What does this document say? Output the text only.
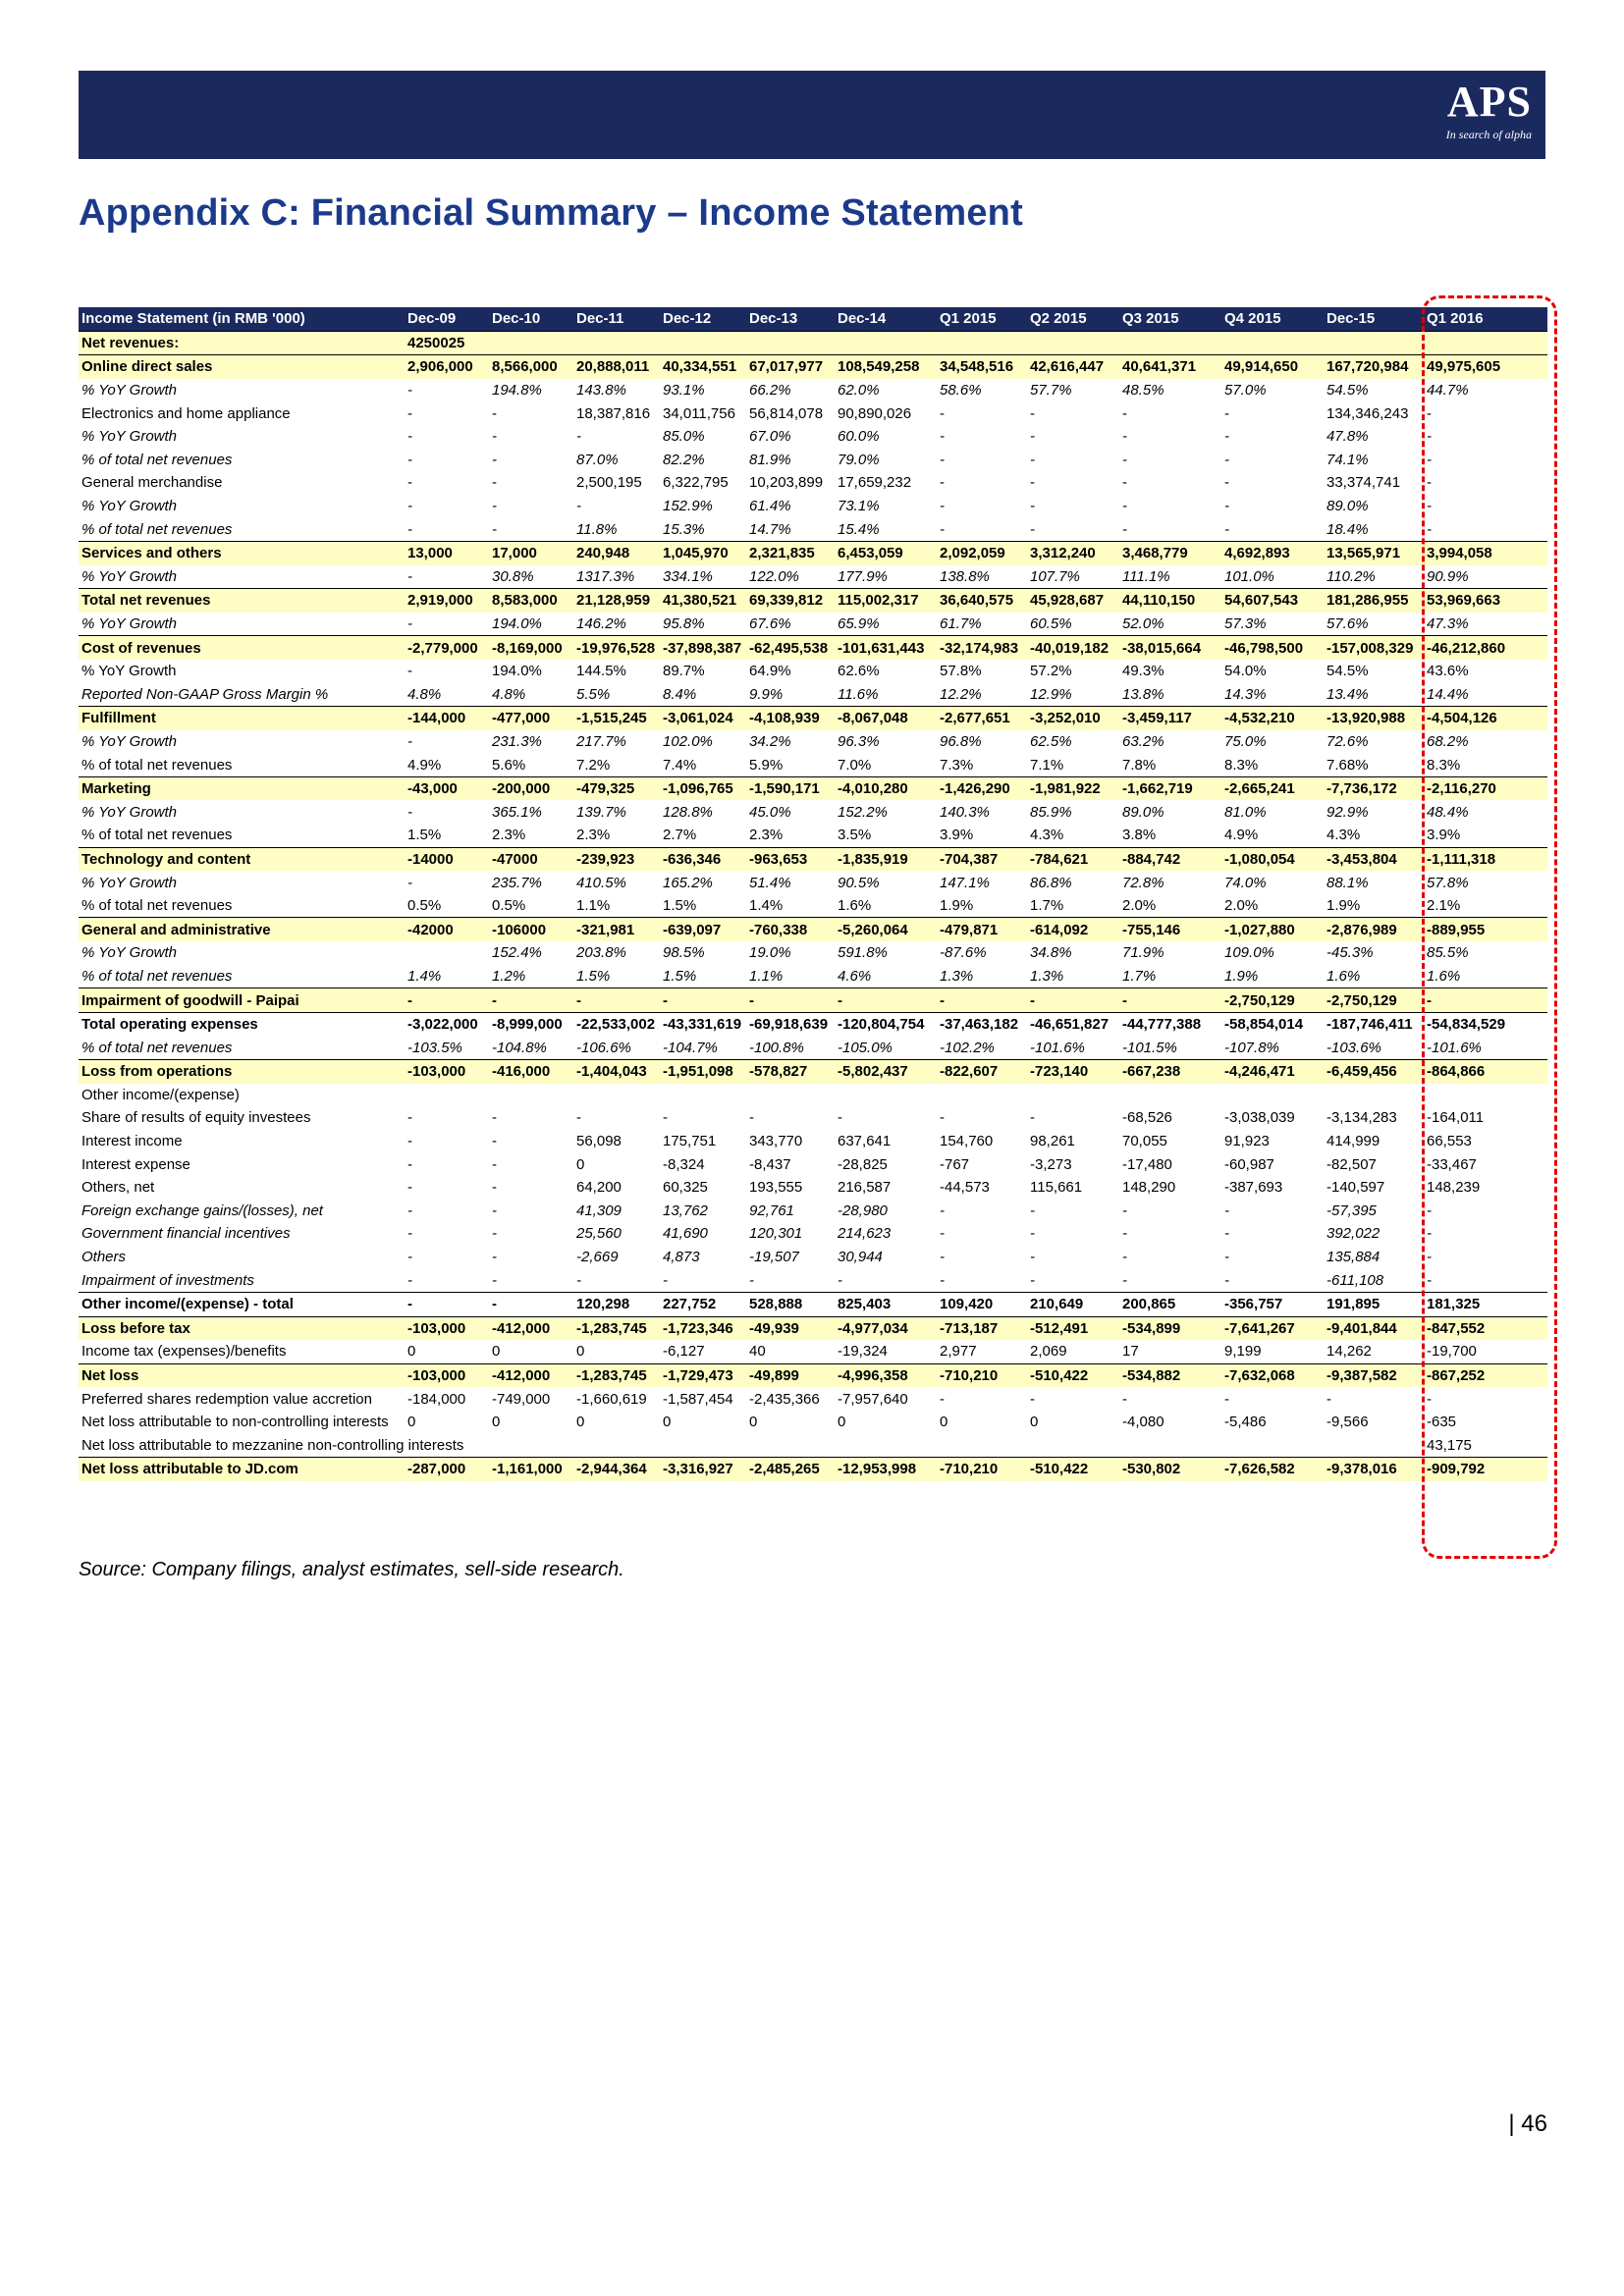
APS
In search of alpha
Appendix C: Financial Summary – Income Statement
Income Statement (in RMB '000)	Dec-09	Dec-10	Dec-11	Dec-12	Dec-13	Dec-14	Q1 2015	Q2 2015	Q3 2015	Q4 2015	Dec-15	Q1 2016
Net revenues:	4250025											
Online direct sales	2,906,000	8,566,000	20,888,011	40,334,551	67,017,977	108,549,258	34,548,516	42,616,447	40,641,371	49,914,650	167,720,984	49,975,605
% YoY Growth	-	194.8%	143.8%	93.1%	66.2%	62.0%	58.6%	57.7%	48.5%	57.0%	54.5%	44.7%
Electronics and home appliance	-	-	18,387,816	34,011,756	56,814,078	90,890,026	-	-	-	-	134,346,243	-
% YoY Growth	-	-	-	85.0%	67.0%	60.0%	-	-	-	-	47.8%	-
% of total net revenues	-	-	87.0%	82.2%	81.9%	79.0%	-	-	-	-	74.1%	-
General merchandise	-	-	2,500,195	6,322,795	10,203,899	17,659,232	-	-	-	-	33,374,741	-
% YoY Growth	-	-	-	152.9%	61.4%	73.1%	-	-	-	-	89.0%	-
% of total net revenues	-	-	11.8%	15.3%	14.7%	15.4%	-	-	-	-	18.4%	-
Services and others	13,000	17,000	240,948	1,045,970	2,321,835	6,453,059	2,092,059	3,312,240	3,468,779	4,692,893	13,565,971	3,994,058
% YoY Growth	-	30.8%	1317.3%	334.1%	122.0%	177.9%	138.8%	107.7%	111.1%	101.0%	110.2%	90.9%
Total net revenues	2,919,000	8,583,000	21,128,959	41,380,521	69,339,812	115,002,317	36,640,575	45,928,687	44,110,150	54,607,543	181,286,955	53,969,663
% YoY Growth	-	194.0%	146.2%	95.8%	67.6%	65.9%	61.7%	60.5%	52.0%	57.3%	57.6%	47.3%
Cost of revenues	-2,779,000	-8,169,000	-19,976,528	-37,898,387	-62,495,538	-101,631,443	-32,174,983	-40,019,182	-38,015,664	-46,798,500	-157,008,329	-46,212,860
% YoY Growth	-	194.0%	144.5%	89.7%	64.9%	62.6%	57.8%	57.2%	49.3%	54.0%	54.5%	43.6%
Reported Non-GAAP Gross Margin %	4.8%	4.8%	5.5%	8.4%	9.9%	11.6%	12.2%	12.9%	13.8%	14.3%	13.4%	14.4%
Fulfillment	-144,000	-477,000	-1,515,245	-3,061,024	-4,108,939	-8,067,048	-2,677,651	-3,252,010	-3,459,117	-4,532,210	-13,920,988	-4,504,126
% YoY Growth	-	231.3%	217.7%	102.0%	34.2%	96.3%	96.8%	62.5%	63.2%	75.0%	72.6%	68.2%
% of total net revenues	4.9%	5.6%	7.2%	7.4%	5.9%	7.0%	7.3%	7.1%	7.8%	8.3%	7.68%	8.3%
Marketing	-43,000	-200,000	-479,325	-1,096,765	-1,590,171	-4,010,280	-1,426,290	-1,981,922	-1,662,719	-2,665,241	-7,736,172	-2,116,270
% YoY Growth	-	365.1%	139.7%	128.8%	45.0%	152.2%	140.3%	85.9%	89.0%	81.0%	92.9%	48.4%
% of total net revenues	1.5%	2.3%	2.3%	2.7%	2.3%	3.5%	3.9%	4.3%	3.8%	4.9%	4.3%	3.9%
Technology and content	-14000	-47000	-239,923	-636,346	-963,653	-1,835,919	-704,387	-784,621	-884,742	-1,080,054	-3,453,804	-1,111,318
% YoY Growth	-	235.7%	410.5%	165.2%	51.4%	90.5%	147.1%	86.8%	72.8%	74.0%	88.1%	57.8%
% of total net revenues	0.5%	0.5%	1.1%	1.5%	1.4%	1.6%	1.9%	1.7%	2.0%	2.0%	1.9%	2.1%
General and administrative	-42000	-106000	-321,981	-639,097	-760,338	-5,260,064	-479,871	-614,092	-755,146	-1,027,880	-2,876,989	-889,955
% YoY Growth		152.4%	203.8%	98.5%	19.0%	591.8%	-87.6%	34.8%	71.9%	109.0%	-45.3%	85.5%
% of total net revenues	1.4%	1.2%	1.5%	1.5%	1.1%	4.6%	1.3%	1.3%	1.7%	1.9%	1.6%	1.6%
Impairment of goodwill - Paipai	-	-	-	-	-	-	-	-	-	-2,750,129	-2,750,129	-
Total operating expenses	-3,022,000	-8,999,000	-22,533,002	-43,331,619	-69,918,639	-120,804,754	-37,463,182	-46,651,827	-44,777,388	-58,854,014	-187,746,411	-54,834,529
% of total net revenues	-103.5%	-104.8%	-106.6%	-104.7%	-100.8%	-105.0%	-102.2%	-101.6%	-101.5%	-107.8%	-103.6%	-101.6%
Loss from operations	-103,000	-416,000	-1,404,043	-1,951,098	-578,827	-5,802,437	-822,607	-723,140	-667,238	-4,246,471	-6,459,456	-864,866
Other income/(expense)												
Share of results of equity investees	-	-	-	-	-	-	-	-	-68,526	-3,038,039	-3,134,283	-164,011
Interest income	-	-	56,098	175,751	343,770	637,641	154,760	98,261	70,055	91,923	414,999	66,553
Interest expense	-	-	0	-8,324	-8,437	-28,825	-767	-3,273	-17,480	-60,987	-82,507	-33,467
Others, net	-	-	64,200	60,325	193,555	216,587	-44,573	115,661	148,290	-387,693	-140,597	148,239
Foreign exchange gains/(losses), net	-	-	41,309	13,762	92,761	-28,980	-	-	-	-	-57,395	-
Government financial incentives	-	-	25,560	41,690	120,301	214,623	-	-	-	-	392,022	-
Others	-	-	-2,669	4,873	-19,507	30,944	-	-	-	-	135,884	-
Impairment of investments	-	-	-	-	-	-	-	-	-	-	-611,108	-
Other income/(expense) - total	-	-	120,298	227,752	528,888	825,403	109,420	210,649	200,865	-356,757	191,895	181,325
Loss before tax	-103,000	-412,000	-1,283,745	-1,723,346	-49,939	-4,977,034	-713,187	-512,491	-534,899	-7,641,267	-9,401,844	-847,552
Income tax (expenses)/benefits	0	0	0	-6,127	40	-19,324	2,977	2,069	17	9,199	14,262	-19,700
Net loss	-103,000	-412,000	-1,283,745	-1,729,473	-49,899	-4,996,358	-710,210	-510,422	-534,882	-7,632,068	-9,387,582	-867,252
Preferred shares redemption value accretion	-184,000	-749,000	-1,660,619	-1,587,454	-2,435,366	-7,957,640	-	-	-	-	-	-
Net loss attributable to non-controlling interests	0	0	0	0	0	0	0	0	-4,080	-5,486	-9,566	-635
Net loss attributable to mezzanine non-controlling interests												43,175
Net loss attributable to JD.com	-287,000	-1,161,000	-2,944,364	-3,316,927	-2,485,265	-12,953,998	-710,210	-510,422	-530,802	-7,626,582	-9,378,016	-909,792
Source: Company filings, analyst estimates, sell-side research.
| 46
